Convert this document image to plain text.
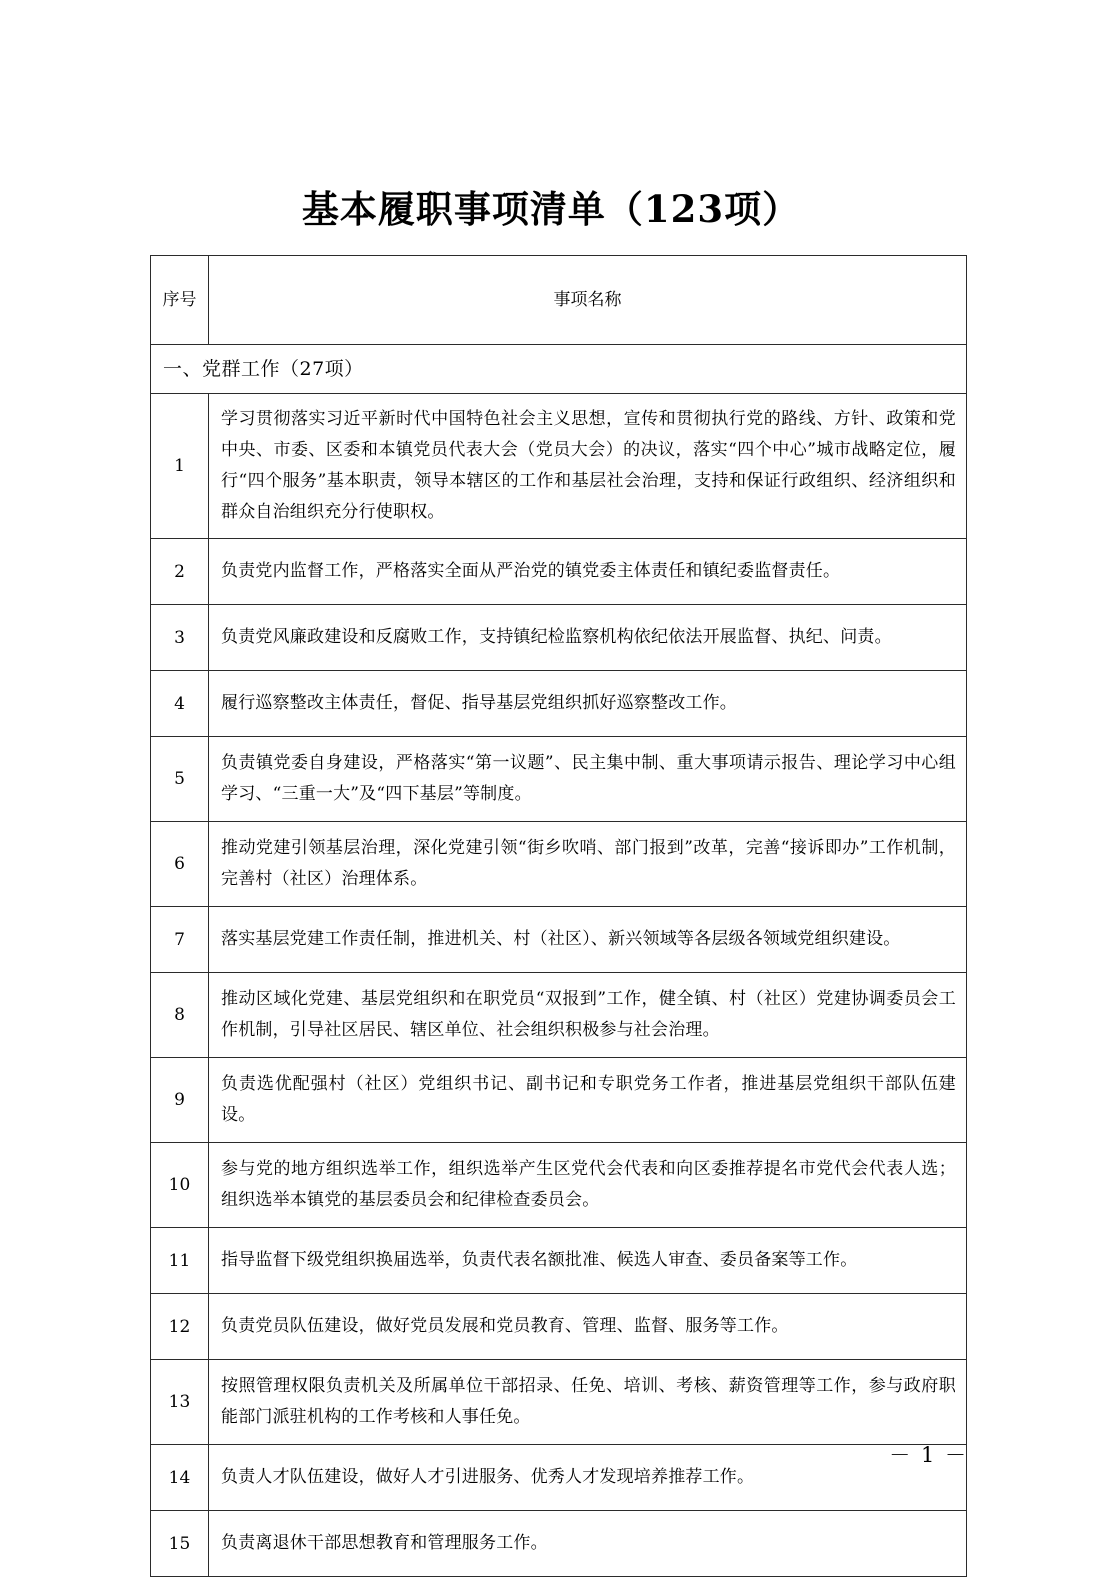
基本履职事项清单（123项）
序号	事项名称
一、党群工作（27项）	
1	学习贯彻落实习近平新时代中国特色社会主义思想，宣传和贯彻执行党的路线、方针、政策和党中央、市委、区委和本镇党员代表大会（党员大会）的决议，落实“四个中心”城市战略定位，履行“四个服务”基本职责，领导本辖区的工作和基层社会治理，支持和保证行政组织、经济组织和群众自治组织充分行使职权。
2	负责党内监督工作，严格落实全面从严治党的镇党委主体责任和镇纪委监督责任。
3	负责党风廉政建设和反腐败工作，支持镇纪检监察机构依纪依法开展监督、执纪、问责。
4	履行巡察整改主体责任，督促、指导基层党组织抓好巡察整改工作。
5	负责镇党委自身建设，严格落实“第一议题”、民主集中制、重大事项请示报告、理论学习中心组学习、“三重一大”及“四下基层”等制度。
6	推动党建引领基层治理，深化党建引领“街乡吹哨、部门报到”改革，完善“接诉即办”工作机制，完善村（社区）治理体系。
7	落实基层党建工作责任制，推进机关、村（社区）、新兴领域等各层级各领域党组织建设。
8	推动区域化党建、基层党组织和在职党员“双报到”工作，健全镇、村（社区）党建协调委员会工作机制，引导社区居民、辖区单位、社会组织积极参与社会治理。
9	负责选优配强村（社区）党组织书记、副书记和专职党务工作者，推进基层党组织干部队伍建设。
10	参与党的地方组织选举工作，组织选举产生区党代会代表和向区委推荐提名市党代会代表人选；组织选举本镇党的基层委员会和纪律检查委员会。
11	指导监督下级党组织换届选举，负责代表名额批准、候选人审查、委员备案等工作。
12	负责党员队伍建设，做好党员发展和党员教育、管理、监督、服务等工作。
13	按照管理权限负责机关及所属单位干部招录、任免、培训、考核、薪资管理等工作，参与政府职能部门派驻机构的工作考核和人事任免。
14	负责人才队伍建设，做好人才引进服务、优秀人才发现培养推荐工作。
15	负责离退休干部思想教育和管理服务工作。
－ 1 －
